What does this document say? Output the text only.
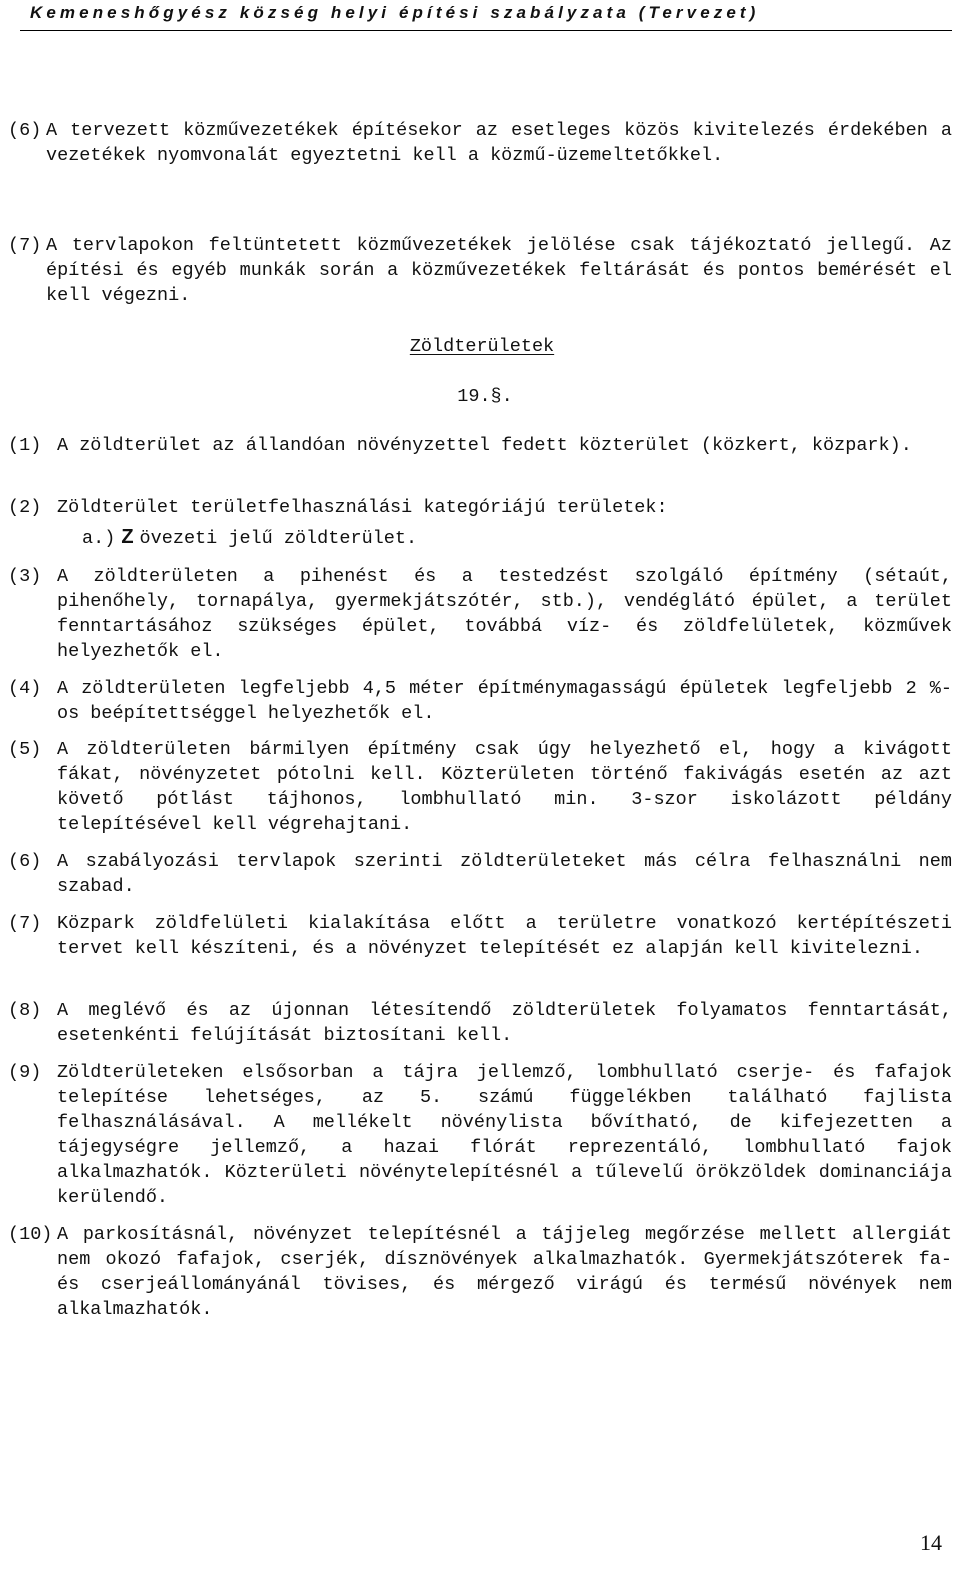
Kemeneshőgyész község helyi építési szabályzata (Tervezet)
(6) A tervezett közművezetékek építésekor az esetleges közös kivitelezés érdekében a vezetékek nyomvonalát egyeztetni kell a közmű-üzemeltetőkkel.
(7) A tervlapokon feltüntetett közművezetékek jelölése csak tájékoztató jellegű. Az építési és egyéb munkák során a közművezetékek feltárását és pontos bemérését el kell végezni.
Zöldterületek
19.§.
(1) A zöldterület az állandóan növényzettel fedett közterület (közkert, közpark).
(2) Zöldterület területfelhasználási kategóriájú területek:
a.) Z övezeti jelű zöldterület.
(3) A zöldterületen a pihenést és a testedzést szolgáló építmény (sétaút, pihenőhely, tornapálya, gyermekjátszótér, stb.), vendéglátó épület, a terület fenntartásához szükséges épület, továbbá víz- és zöldfelületek, közművek helyezhetők el.
(4) A zöldterületen legfeljebb 4,5 méter építménymagasságú épületek legfeljebb 2 %-os beépítettséggel helyezhetők el.
(5) A zöldterületen bármilyen építmény csak úgy helyezhető el, hogy a kivágott fákat, növényzetet pótolni kell. Közterületen történő fakivágás esetén az azt követő pótlást tájhonos, lombhullató min. 3-szor iskolázott példány telepítésével kell végrehajtani.
(6) A szabályozási tervlapok szerinti zöldterületeket más célra felhasználni nem szabad.
(7) Közpark zöldfelületi kialakítása előtt a területre vonatkozó kertépítészeti tervet kell készíteni, és a növényzet telepítését ez alapján kell kivitelezni.
(8) A meglévő és az újonnan létesítendő zöldterületek folyamatos fenntartását, esetenkénti felújítását biztosítani kell.
(9) Zöldterületeken elsősorban a tájra jellemző, lombhullató cserje- és fafajok telepítése lehetséges, az 5. számú függelékben található fajlista felhasználásával. A mellékelt növénylista bővítható, de kifejezetten a tájegységre jellemző, a hazai flórát reprezentáló, lombhullató fajok alkalmazhatók. Közterületi növénytelepítésnél a tűlevelű örökzöldek dominanciája kerülendő.
(10) A parkosításnál, növényzet telepítésnél a tájjeleg megőrzése mellett allergiát nem okozó fafajok, cserjék, dísznövények alkalmazhatók. Gyermekjátszóterek fa- és cserjeállományánál tövises, és mérgező virágú és termésű növények nem alkalmazhatók.
14
